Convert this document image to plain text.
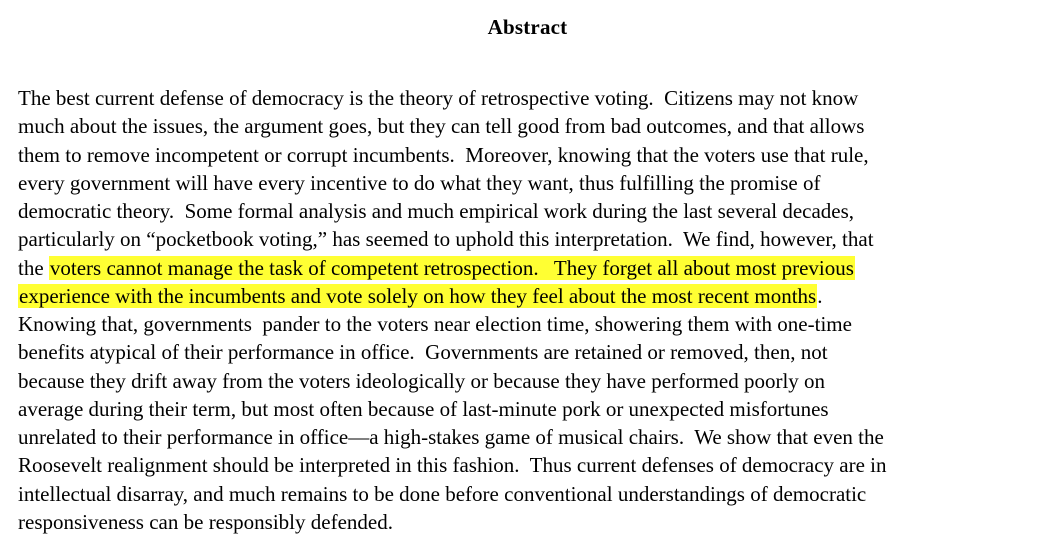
Abstract
The best current defense of democracy is the theory of retrospective voting.  Citizens may not know
much about the issues, the argument goes, but they can tell good from bad outcomes, and that allows
them to remove incompetent or corrupt incumbents.  Moreover, knowing that the voters use that rule,
every government will have every incentive to do what they want, thus fulfilling the promise of
democratic theory.  Some formal analysis and much empirical work during the last several decades,
particularly on “pocketbook voting,” has seemed to uphold this interpretation.  We find, however, that
the voters cannot manage the task of competent retrospection.   They forget all about most previous
experience with the incumbents and vote solely on how they feel about the most recent months.
Knowing that, governments  pander to the voters near election time, showering them with one-time
benefits atypical of their performance in office.  Governments are retained or removed, then, not
because they drift away from the voters ideologically or because they have performed poorly on
average during their term, but most often because of last-minute pork or unexpected misfortunes
unrelated to their performance in office—a high-stakes game of musical chairs.  We show that even the
Roosevelt realignment should be interpreted in this fashion.  Thus current defenses of democracy are in
intellectual disarray, and much remains to be done before conventional understandings of democratic
responsiveness can be responsibly defended.
